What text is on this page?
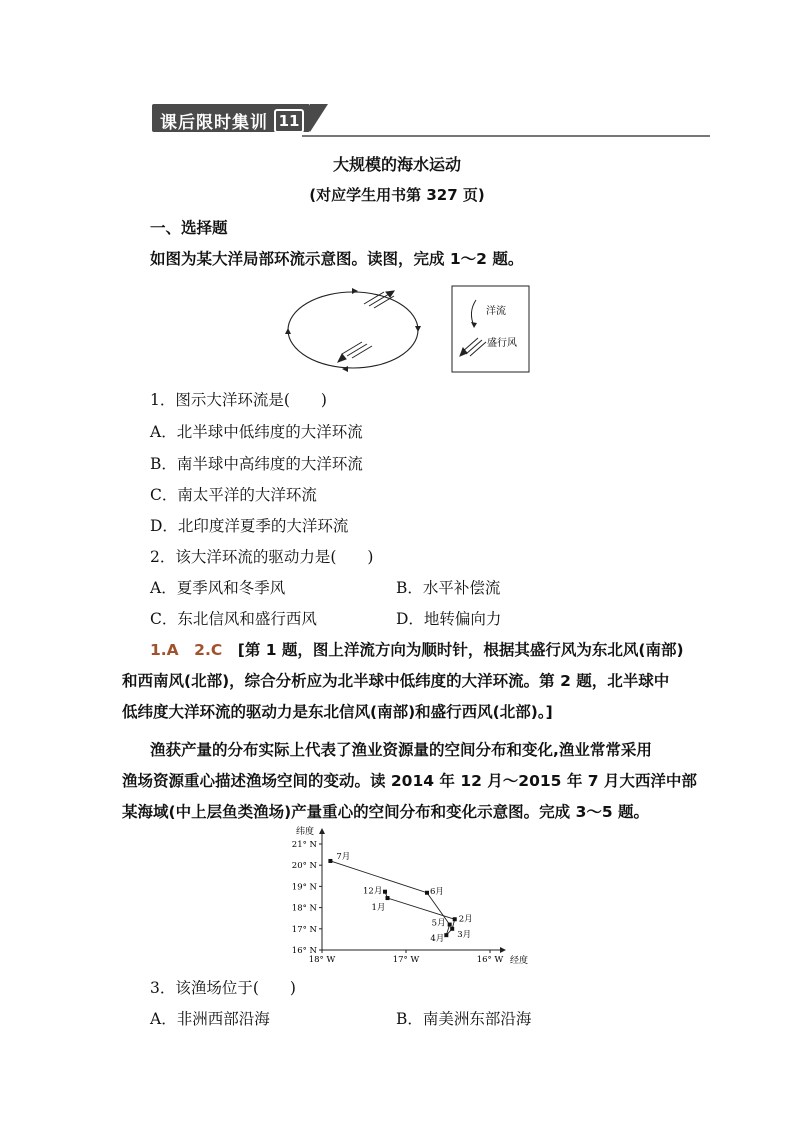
课后限时集训 11
大规模的海水运动
(对应学生用书第 327 页)
一、选择题
如图为某大洋局部环流示意图。读图，完成 1～2 题。
洋流
盛行风
1．图示大洋环流是(　　)
A．北半球中低纬度的大洋环流
B．南半球中高纬度的大洋环流
C．南太平洋的大洋环流
D．北印度洋夏季的大洋环流
2．该大洋环流的驱动力是(　　)
A．夏季风和冬季风	B．水平补偿流
C．东北信风和盛行西风	D．地转偏向力
1.A　2.C　 [第 1 题，图上洋流方向为顺时针，根据其盛行风为东北风(南部)
和西南风(北部)，综合分析应为北半球中低纬度的大洋环流。第 2 题，北半球中
低纬度大洋环流的驱动力是东北信风(南部)和盛行西风(北部)。]
渔获产量的分布实际上代表了渔业资源量的空间分布和变化,渔业常常采用
渔场资源重心描述渔场空间的变动。读 2014 年 12 月～2015 年 7 月大西洋中部
某海域(中上层鱼类渔场)产量重心的空间分布和变化示意图。完成 3～5 题。
纬度
经度
16° N
17° N
18° N
19° N
20° N
21° N
18° W	17° W	16° W
12月
1月
2月
3月
4月
5月
6月
7月
3．该渔场位于(　　)
A．非洲西部沿海	B．南美洲东部沿海
